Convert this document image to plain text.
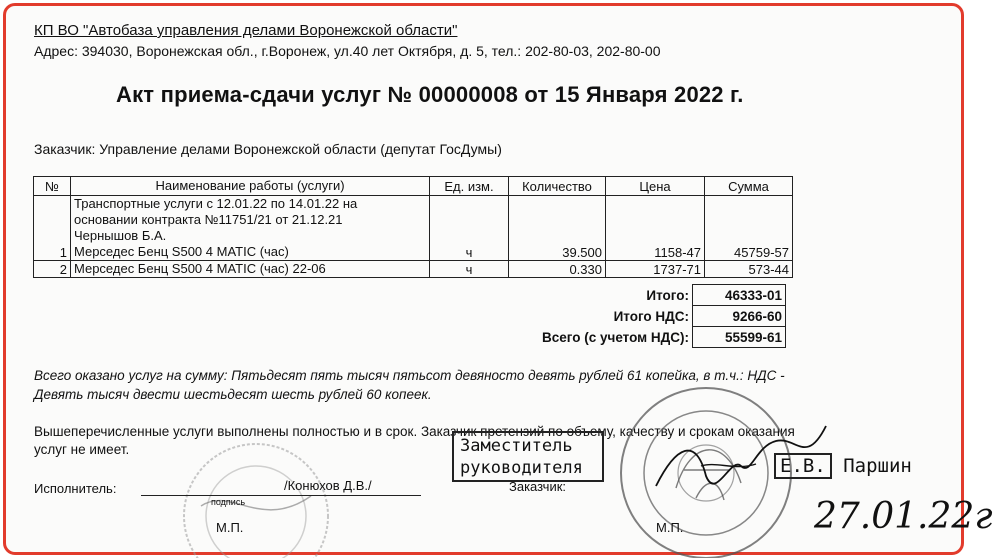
КП ВО "Автобаза управления делами Воронежской области"
Адрес: 394030, Воронежская обл., г.Воронеж, ул.40 лет Октября, д. 5, тел.: 202-80-03, 202-80-00
Акт приема-сдачи услуг № 00000008 от 15 Января 2022 г.
Заказчик: Управление делами Воронежской области (депутат ГосДумы)
№	Наименование работы (услуги)	Ед. изм.	Количество	Цена	Сумма
1	Транспортные услуги с 12.01.22 по 14.01.22 на
основании контракта №11751/21 от 21.12.21
Чернышов Б.А.
Мерседес Бенц S500 4 MATIC (час)	ч	39.500	1158-47	45759-57
2	Мерседес Бенц S500 4 MATIC (час) 22-06	ч	0.330	1737-71	573-44
Итого:	46333-01
Итого НДС:	9266-60
Всего (с учетом НДС):	55599-61
Всего оказано услуг на сумму: Пятьдесят пять тысяч пятьсот девяносто девять рублей 61 копейка, в т.ч.: НДС - Девять тысяч двести шестьдесят шесть рублей 60 копеек.
Вышеперечисленные услуги выполнены полностью и в срок. Заказчик претензий по объему, качеству и срокам оказания услуг не имеет.
Исполнитель:	/Конюхов Д.В./
подпись
М.П.
Заместитель
руководителя
Заказчик:
Е.В. Паршин
М.П.	27.01.22г
